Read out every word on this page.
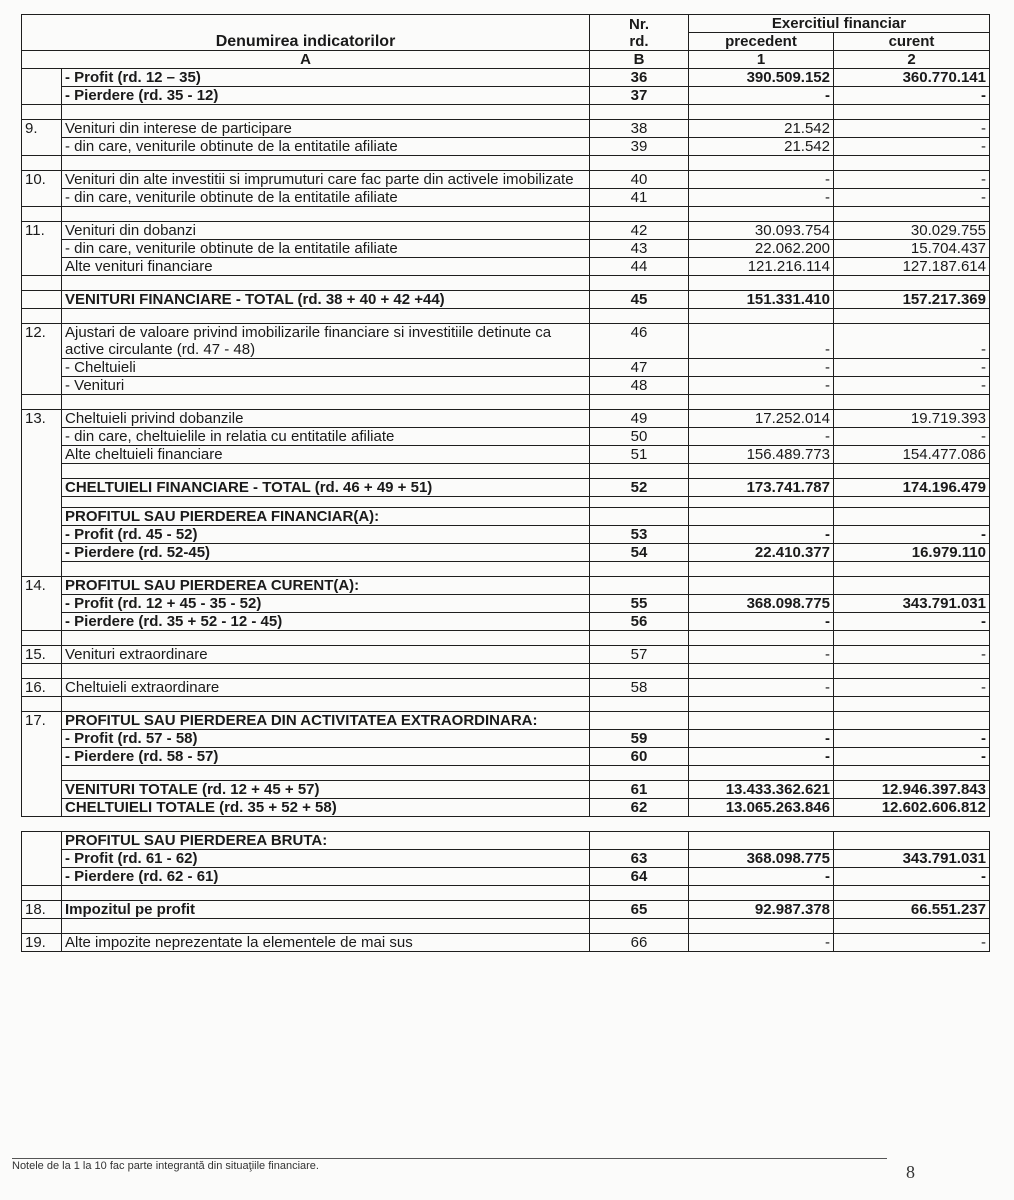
Denumirea indicatorilor		Nr.	Exercitiul financiar	
		rd.	precedent	curent
A		B	1	2
	- Profit (rd. 12 – 35)	36	390.509.152	360.770.141
	- Pierdere (rd. 35 - 12)	37	-	-

9.	Venituri din interese de participare	38	21.542	-
	- din care, veniturile obtinute de la entitatile afiliate	39	21.542	-

10.	Venituri din alte investitii si imprumuturi care fac parte din activele imobilizate	40	-	-
	- din care, veniturile obtinute de la entitatile afiliate	41	-	-

11.	Venituri din dobanzi	42	30.093.754	30.029.755
	- din care, veniturile obtinute de la entitatile afiliate	43	22.062.200	15.704.437
	Alte venituri financiare	44	121.216.114	127.187.614

	VENITURI FINANCIARE - TOTAL (rd. 38 + 40 + 42 +44)	45	151.331.410	157.217.369

12.	Ajustari de valoare privind imobilizarile financiare si investitiile detinute ca active circulante (rd. 47 - 48)	46	-	-
	- Cheltuieli	47	-	-
	- Venituri	48	-	-

13.	Cheltuieli privind dobanzile	49	17.252.014	19.719.393
	- din care, cheltuielile in relatia cu entitatile afiliate	50	-	-
	Alte cheltuieli financiare	51	156.489.773	154.477.086

	CHELTUIELI FINANCIARE - TOTAL (rd. 46 + 49 + 51)	52	173.741.787	174.196.479

	PROFITUL SAU PIERDEREA FINANCIAR(A):			
	- Profit (rd. 45 - 52)	53	-	-
	- Pierdere (rd. 52-45)	54	22.410.377	16.979.110

14.	PROFITUL SAU PIERDEREA CURENT(A):			
	- Profit (rd. 12 + 45 - 35 - 52)	55	368.098.775	343.791.031
	- Pierdere (rd. 35 + 52 - 12 - 45)	56	-	-

15.	Venituri extraordinare	57	-	-

16.	Cheltuieli extraordinare	58	-	-

17.	PROFITUL SAU PIERDEREA DIN ACTIVITATEA EXTRAORDINARA:			
	- Profit (rd. 57 - 58)	59	-	-
	- Pierdere (rd. 58 - 57)	60	-	-

	VENITURI TOTALE (rd. 12 + 45 + 57)	61	13.433.362.621	12.946.397.843
	CHELTUIELI TOTALE (rd. 35 + 52 + 58)	62	13.065.263.846	12.602.606.812

	PROFITUL SAU PIERDEREA BRUTA:			
	- Profit (rd. 61 - 62)	63	368.098.775	343.791.031
	- Pierdere (rd. 62 - 61)	64	-	-

18.	Impozitul pe profit	65	92.987.378	66.551.237

19.	Alte impozite neprezentate la elementele de mai sus	66	-	-
Notele de la 1 la 10 fac parte integrantă din situaţiile financiare.	8
